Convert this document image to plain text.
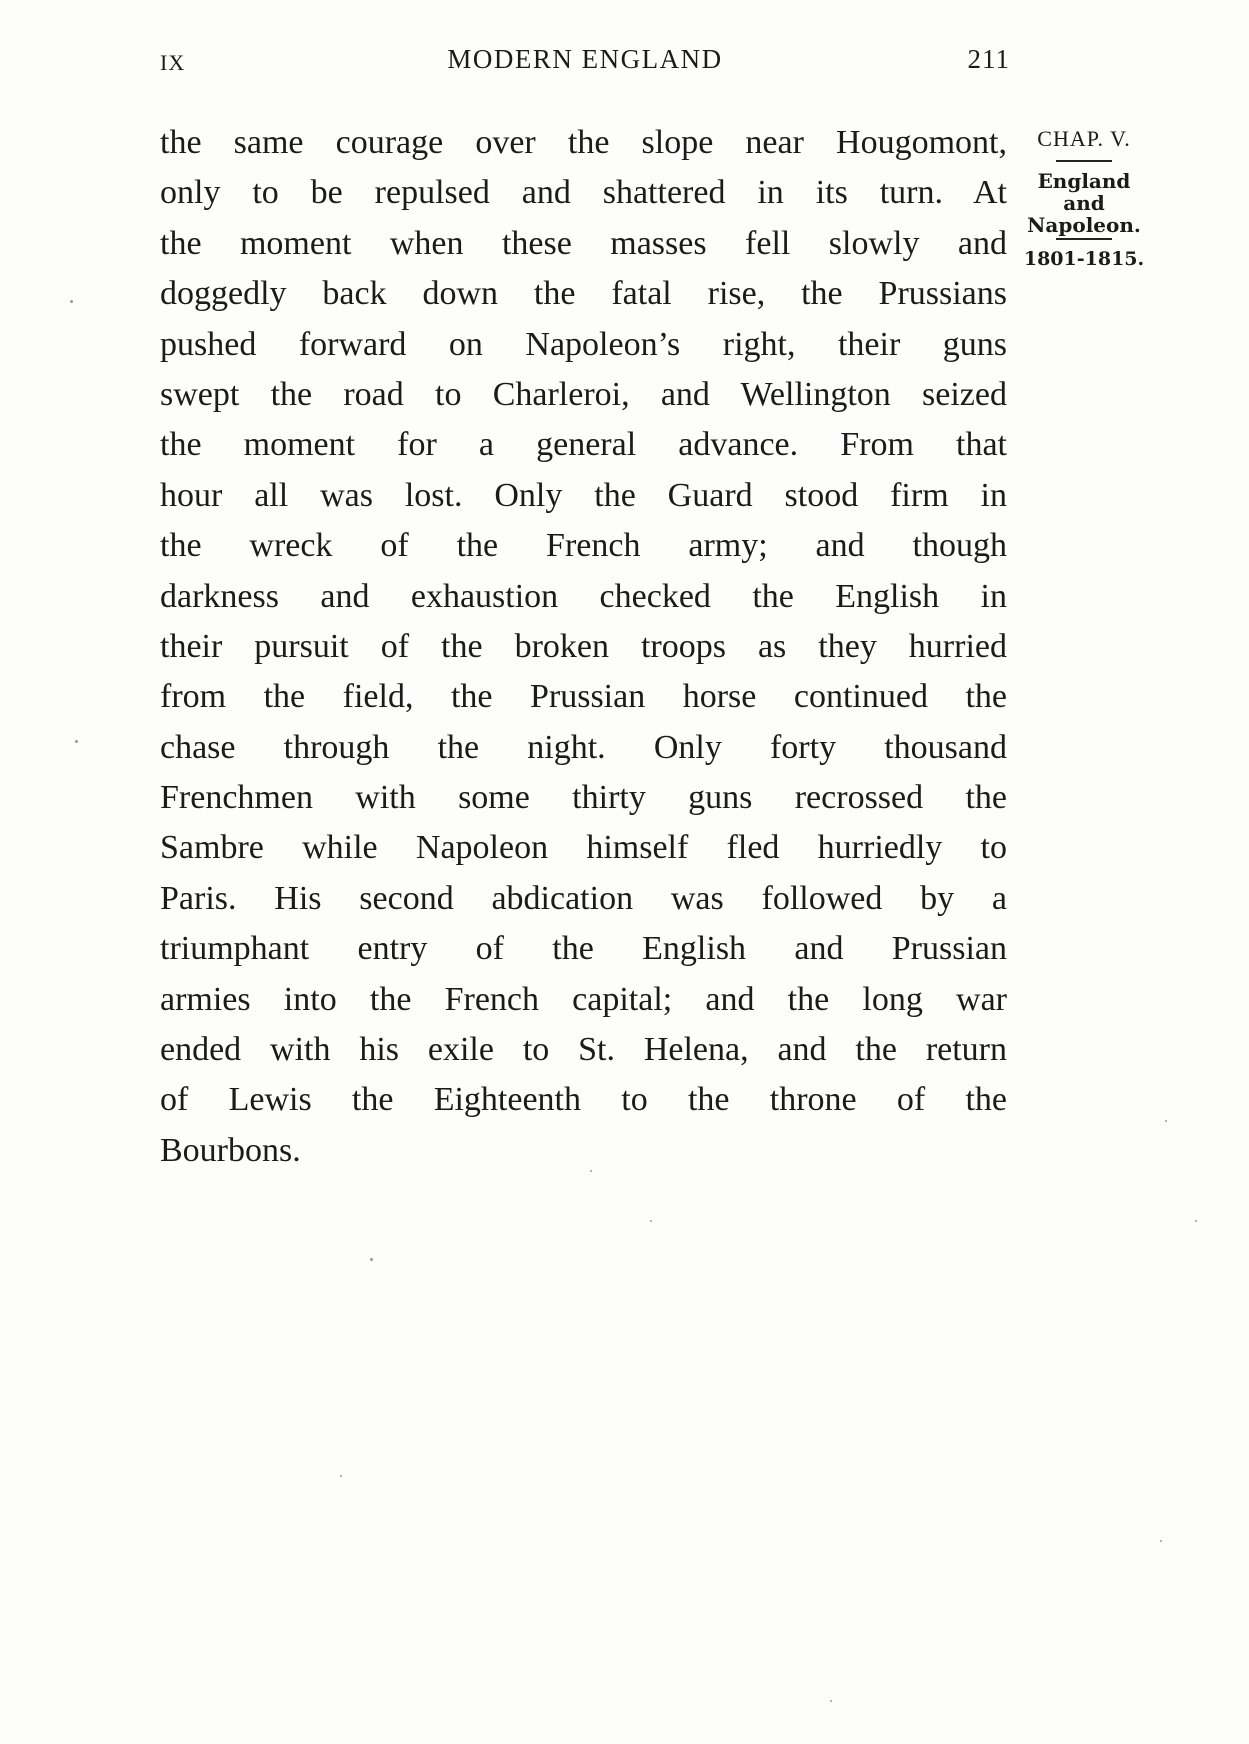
IX	MODERN ENGLAND	211
the same courage over the slope near Hougomont,
only to be repulsed and shattered in its turn. At
the moment when these masses fell slowly and
doggedly back down the fatal rise, the Prussians
pushed forward on Napoleon’s right, their guns
swept the road to Charleroi, and Wellington seized
the moment for a general advance. From that
hour all was lost. Only the Guard stood firm in
the wreck of the French army; and though
darkness and exhaustion checked the English in
their pursuit of the broken troops as they hurried
from the field, the Prussian horse continued the
chase through the night. Only forty thousand
Frenchmen with some thirty guns recrossed the
Sambre while Napoleon himself fled hurriedly to
Paris. His second abdication was followed by a
triumphant entry of the English and Prussian
armies into the French capital; and the long war
ended with his exile to St. Helena, and the return
of Lewis the Eighteenth to the throne of the
Bourbons.
CHAP. V.
England
and
Napoleon.
1801-1815.
